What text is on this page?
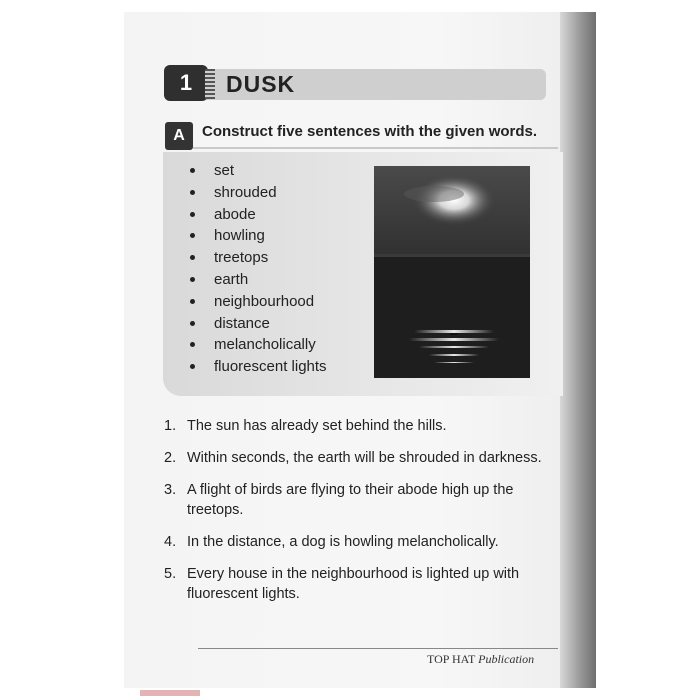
1	DUSK
A	Construct five sentences with the given words.
set
shrouded
abode
howling
treetops
earth
neighbourhood
distance
melancholically
fluorescent lights
1. The sun has already set behind the hills.
2. Within seconds, the earth will be shrouded in darkness.
3. A flight of birds are flying to their abode high up the treetops.
4. In the distance, a dog is howling melancholically.
5. Every house in the neighbourhood is lighted up with fluorescent lights.
TOP HAT Publication
